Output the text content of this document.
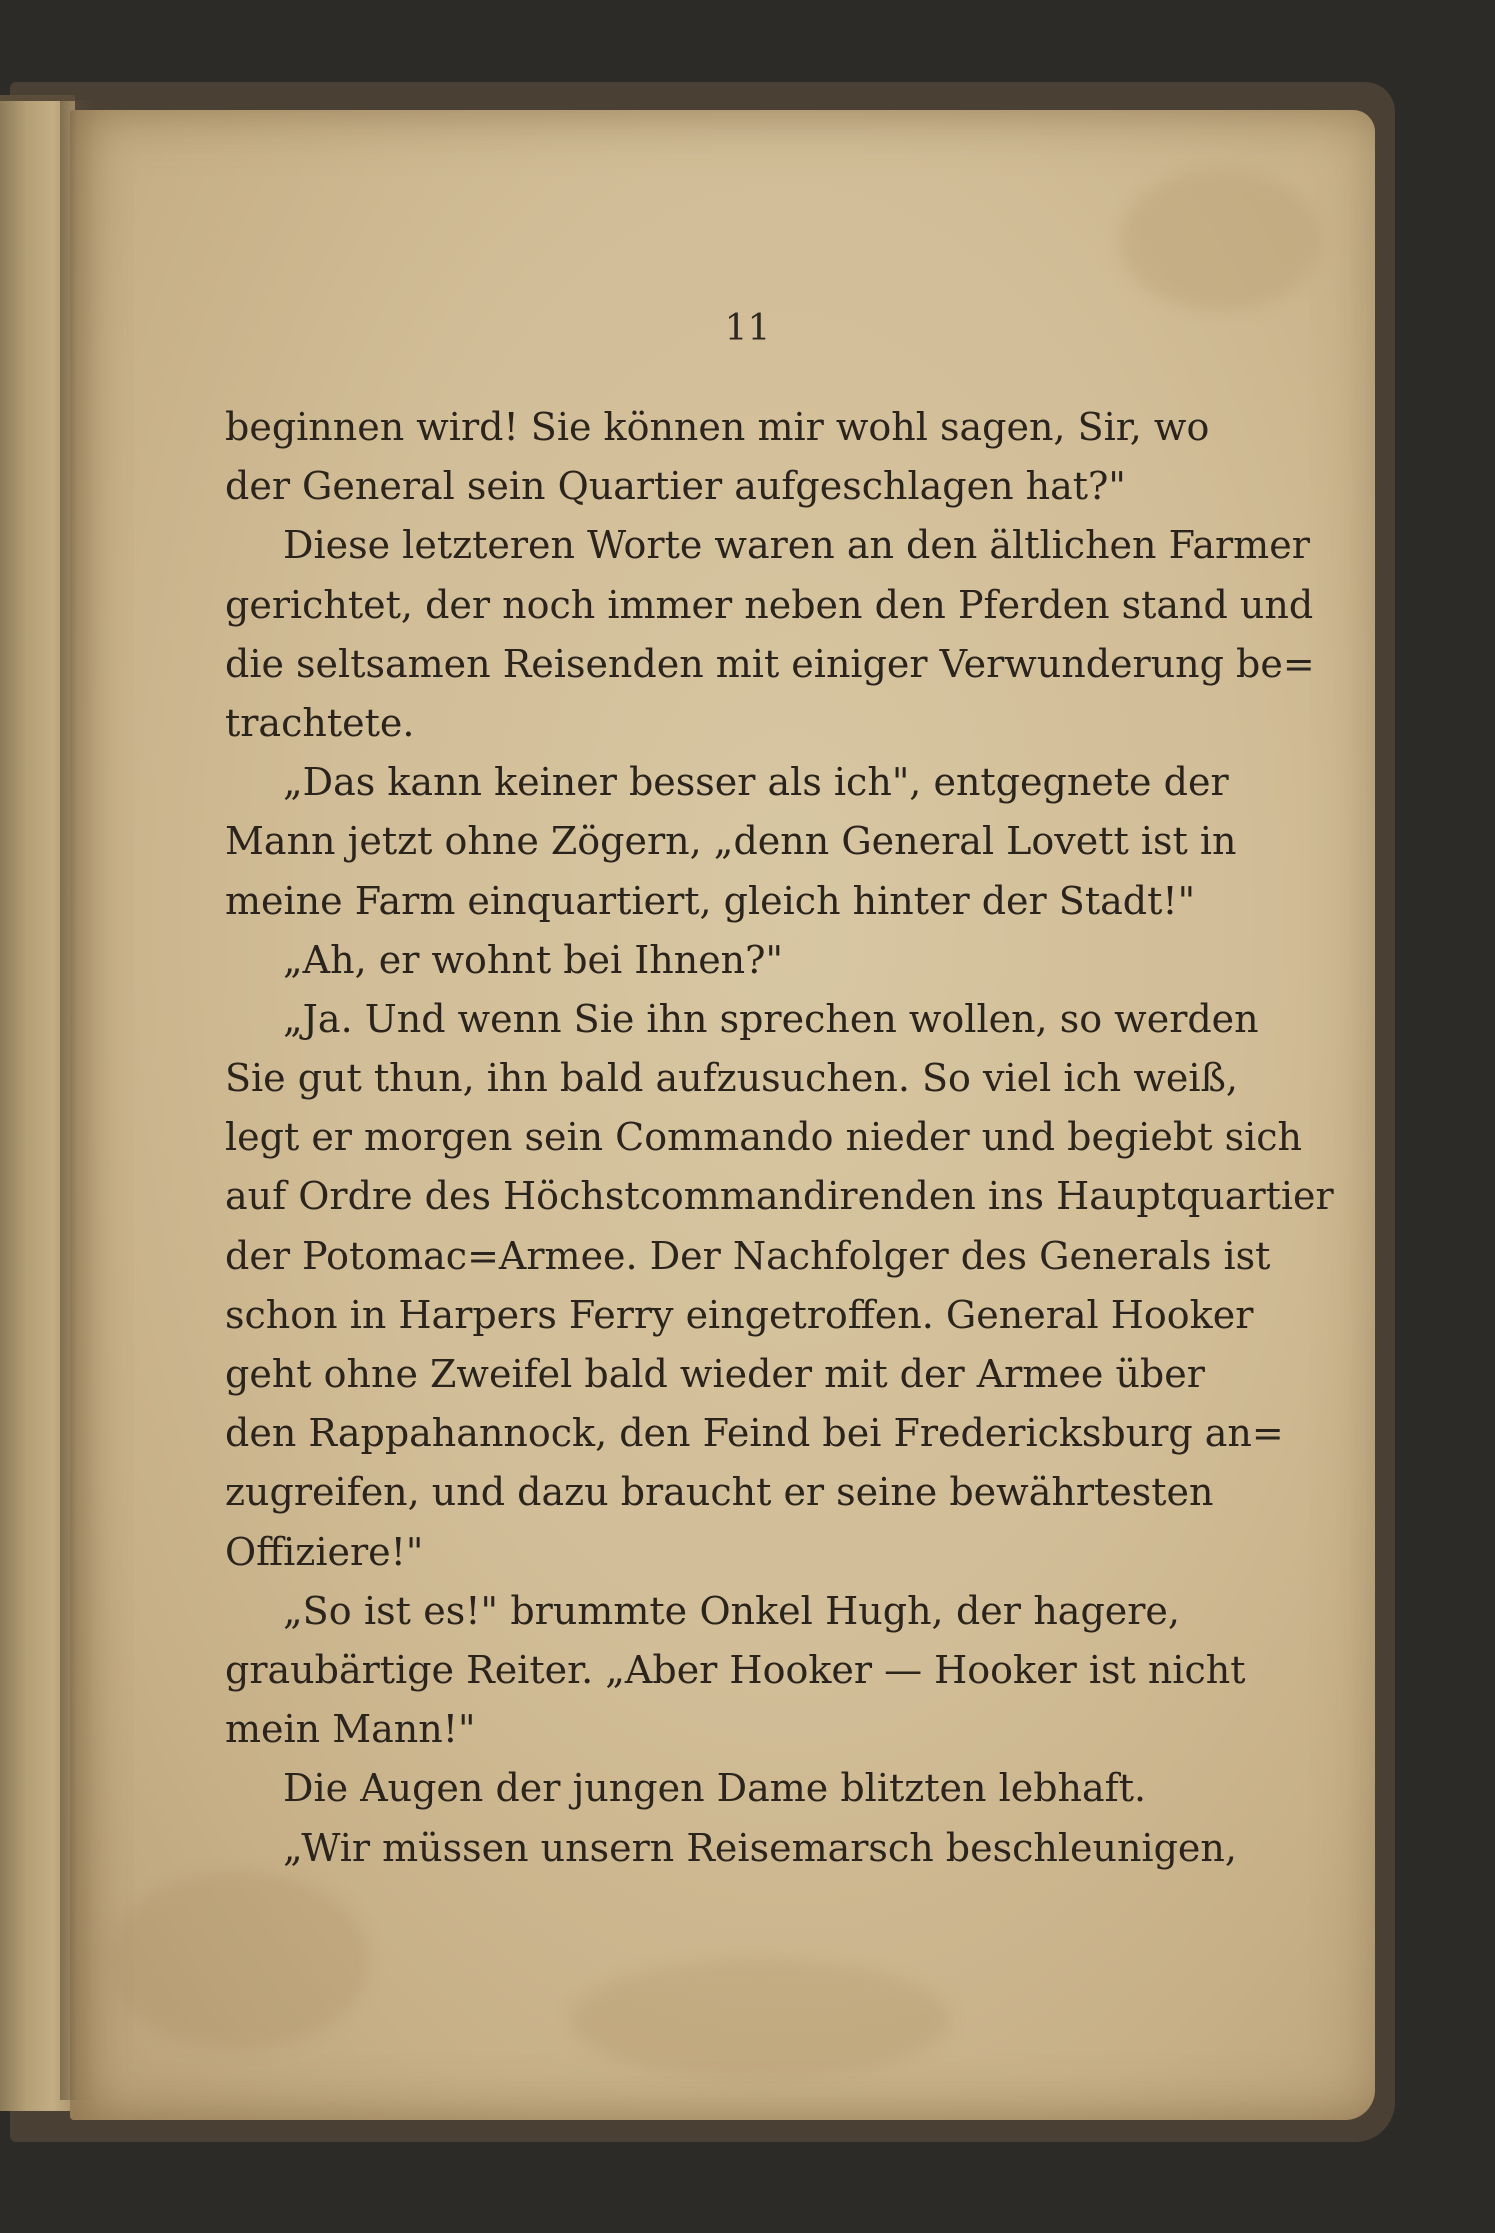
11
beginnen wird! Sie können mir wohl sagen, Sir, wo
der General sein Quartier aufgeschlagen hat?"
Diese letzteren Worte waren an den ältlichen Farmer
gerichtet, der noch immer neben den Pferden stand und
die seltsamen Reisenden mit einiger Verwunderung be=
trachtete.
„Das kann keiner besser als ich", entgegnete der
Mann jetzt ohne Zögern, „denn General Lovett ist in
meine Farm einquartiert, gleich hinter der Stadt!"
„Ah, er wohnt bei Ihnen?"
„Ja. Und wenn Sie ihn sprechen wollen, so werden
Sie gut thun, ihn bald aufzusuchen. So viel ich weiß,
legt er morgen sein Commando nieder und begiebt sich
auf Ordre des Höchstcommandirenden ins Hauptquartier
der Potomac=Armee. Der Nachfolger des Generals ist
schon in Harpers Ferry eingetroffen. General Hooker
geht ohne Zweifel bald wieder mit der Armee über
den Rappahannock, den Feind bei Fredericksburg an=
zugreifen, und dazu braucht er seine bewährtesten
Offiziere!"
„So ist es!" brummte Onkel Hugh, der hagere,
graubärtige Reiter. „Aber Hooker — Hooker ist nicht
mein Mann!"
Die Augen der jungen Dame blitzten lebhaft.
„Wir müssen unsern Reisemarsch beschleunigen,
